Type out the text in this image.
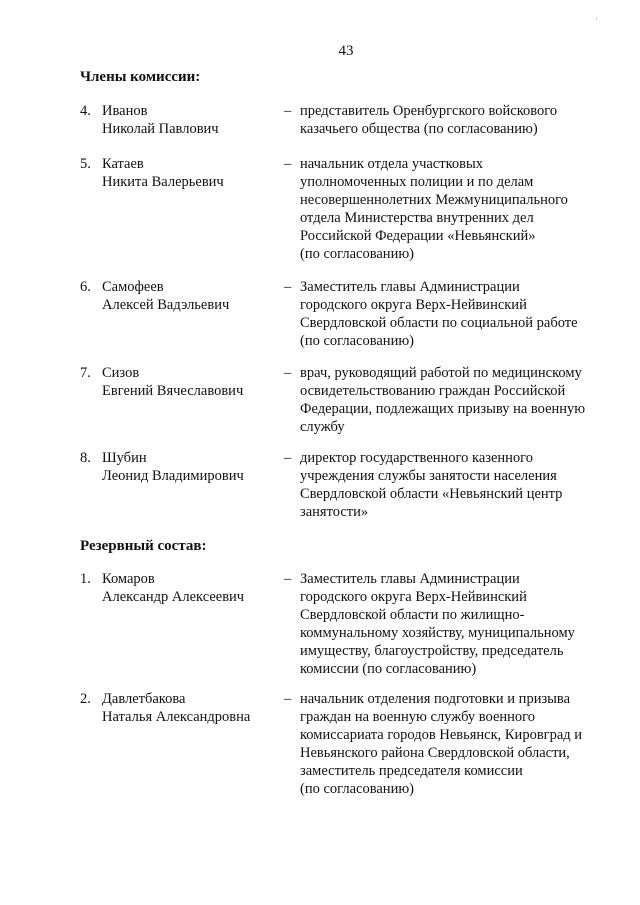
43
Члены комиссии:
4. Иванов
Николай Павлович
– представитель Оренбургского войскового
казачьего общества (по согласованию)
5. Катаев
Никита Валерьевич
– начальник отдела участковых
уполномоченных полиции и по делам
несовершеннолетних Межмуниципального
отдела Министерства внутренних дел
Российской Федерации «Невьянский»
(по согласованию)
6. Самофеев
Алексей Вадэльевич
– Заместитель главы Администрации
городского округа Верх-Нейвинский
Свердловской области по социальной работе
(по согласованию)
7. Сизов
Евгений Вячеславович
– врач, руководящий работой по медицинскому
освидетельствованию граждан Российской
Федерации, подлежащих призыву на военную
службу
8. Шубин
Леонид Владимирович
– директор государственного казенного
учреждения службы занятости населения
Свердловской области «Невьянский центр
занятости»
Резервный состав:
1. Комаров
Александр Алексеевич
– Заместитель главы Администрации
городского округа Верх-Нейвинский
Свердловской области по жилищно-
коммунальному хозяйству, муниципальному
имуществу, благоустройству, председатель
комиссии (по согласованию)
2. Давлетбакова
Наталья Александровна
– начальник отделения подготовки и призыва
граждан на военную службу военного
комиссариата городов Невьянск, Кировград и
Невьянского района Свердловской области,
заместитель председателя комиссии
(по согласованию)
